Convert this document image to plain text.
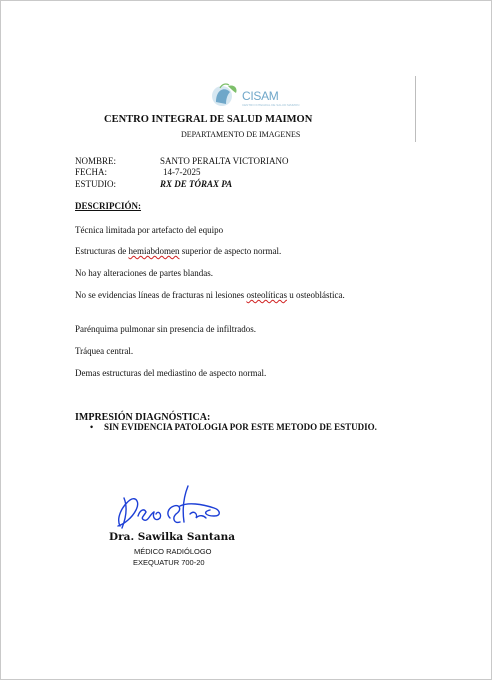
CISAM
CENTRO INTEGRAL DE SALUD MAIMON
CENTRO INTEGRAL DE SALUD MAIMON
DEPARTAMENTO DE IMAGENES
NOMBRE:	SANTO PERALTA VICTORIANO
FECHA:	14-7-2025
ESTUDIO:	RX DE TÓRAX PA
DESCRIPCIÓN:
Técnica limitada por artefacto del equipo
Estructuras de hemiabdomen superior de aspecto normal.
No hay alteraciones de partes blandas.
No se evidencias líneas de fracturas ni lesiones osteolíticas u osteoblástica.
Parénquima pulmonar sin presencia de infiltrados.
Tráquea central.
Demas estructuras del mediastino de aspecto normal.
IMPRESIÓN DIAGNÓSTICA:
• SIN EVIDENCIA PATOLOGIA POR ESTE METODO DE ESTUDIO.
Dra. Sawilka Santana
MÉDICO RADIÓLOGO
EXEQUATUR 700-20
